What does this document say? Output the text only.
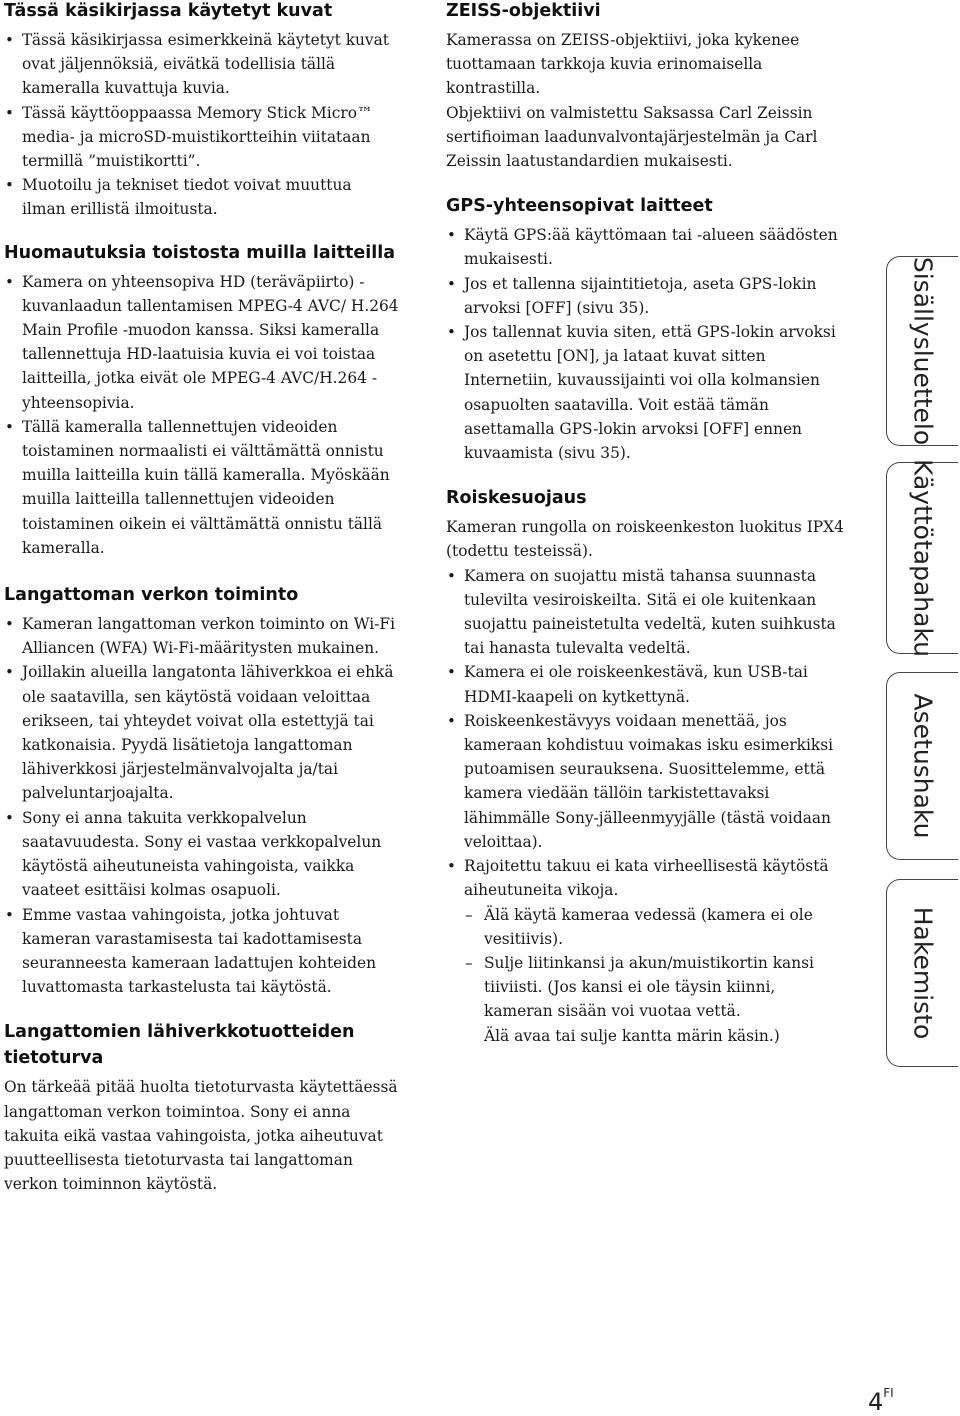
Tässä käsikirjassa käytetyt kuvat
• Tässä käsikirjassa esimerkkeinä käytetyt kuvat ovat jäljennöksiä, eivätkä todellisia tällä kameralla kuvattuja kuvia.
• Tässä käyttöoppaassa Memory Stick Micro™ media- ja microSD-muistikortteihin viitataan termillä ”muistikortti”.
• Muotoilu ja tekniset tiedot voivat muuttua ilman erillistä ilmoitusta.
Huomautuksia toistosta muilla laitteilla
• Kamera on yhteensopiva HD (teräväpiirto) -kuvanlaadun tallentamisen MPEG-4 AVC/ H.264 Main Profile -muodon kanssa. Siksi kameralla tallennettuja HD-laatuisia kuvia ei voi toistaa laitteilla, jotka eivät ole MPEG-4 AVC/H.264 -yhteensopivia.
• Tällä kameralla tallennettujen videoiden toistaminen normaalisti ei välttämättä onnistu muilla laitteilla kuin tällä kameralla. Myöskään muilla laitteilla tallennettujen videoiden toistaminen oikein ei välttämättä onnistu tällä kameralla.
Langattoman verkon toiminto
• Kameran langattoman verkon toiminto on Wi-Fi Alliancen (WFA) Wi-Fi-määritysten mukainen.
• Joillakin alueilla langatonta lähiverkkoa ei ehkä ole saatavilla, sen käytöstä voidaan veloittaa erikseen, tai yhteydet voivat olla estettyjä tai katkonaisia. Pyydä lisätietoja langattoman lähiverkkosi järjestelmänvalvojalta ja/tai palveluntarjoajalta.
• Sony ei anna takuita verkkopalvelun saatavuudesta. Sony ei vastaa verkkopalvelun käytöstä aiheutuneista vahingoista, vaikka vaateet esittäisi kolmas osapuoli.
• Emme vastaa vahingoista, jotka johtuvat kameran varastamisesta tai kadottamisesta seuranneesta kameraan ladattujen kohteiden luvattomasta tarkastelusta tai käytöstä.
Langattomien lähiverkkotuotteiden tietoturva

On tärkeää pitää huolta tietoturvasta käytettäessä langattoman verkon toimintoa. Sony ei anna takuita eikä vastaa vahingoista, jotka aiheutuvat puutteellisesta tietoturvasta tai langattoman verkon toiminnon käytöstä.

ZEISS-objektiivi

Kamerassa on ZEISS-objektiivi, joka kykenee tuottamaan tarkkoja kuvia erinomaisella kontrastilla.

Objektiivi on valmistettu Saksassa Carl Zeissin sertifioiman laadunvalvontajärjestelmän ja Carl Zeissin laatustandardien mukaisesti.

GPS-yhteensopivat laitteet
• Käytä GPS:ää käyttömaan tai -alueen säädösten mukaisesti.
• Jos et tallenna sijaintitietoja, aseta GPS-lokin arvoksi [OFF] (sivu 35).
• Jos tallennat kuvia siten, että GPS-lokin arvoksi on asetettu [ON], ja lataat kuvat sitten Internetiin, kuvaussijainti voi olla kolmansien osapuolten saatavilla. Voit estää tämän asettamalla GPS-lokin arvoksi [OFF] ennen kuvaamista (sivu 35).
Roiskesuojaus

Kameran rungolla on roiskeenkeston luokitus IPX4 (todettu testeissä).

• Kamera on suojattu mistä tahansa suunnasta tulevilta vesiroiskeilta. Sitä ei ole kuitenkaan suojattu paineistetulta vedeltä, kuten suihkusta tai hanasta tulevalta vedeltä.
• Kamera ei ole roiskeenkestävä, kun USB-tai HDMI-kaapeli on kytkettynä.
• Roiskeenkestävyys voidaan menettää, jos kameraan kohdistuu voimakas isku esimerkiksi putoamisen seurauksena. Suosittelemme, että kamera viedään tällöin tarkistettavaksi lähimmälle Sony-jälleenmyyjälle (tästä voidaan veloittaa).
• Rajoitettu takuu ei kata virheellisestä käytöstä aiheutuneita vikoja.
– Älä käytä kameraa vedessä (kamera ei ole vesitiivis).
– Sulje liitinkansi ja akun/muistikortin kansi tiiviisti. (Jos kansi ei ole täysin kiinni, kameran sisään voi vuotaa vettä.
Älä avaa tai sulje kantta märin käsin.)
Sisällysluettelo
Käyttötapahaku
Asetushaku
Hakemisto
$4^{FI}$
